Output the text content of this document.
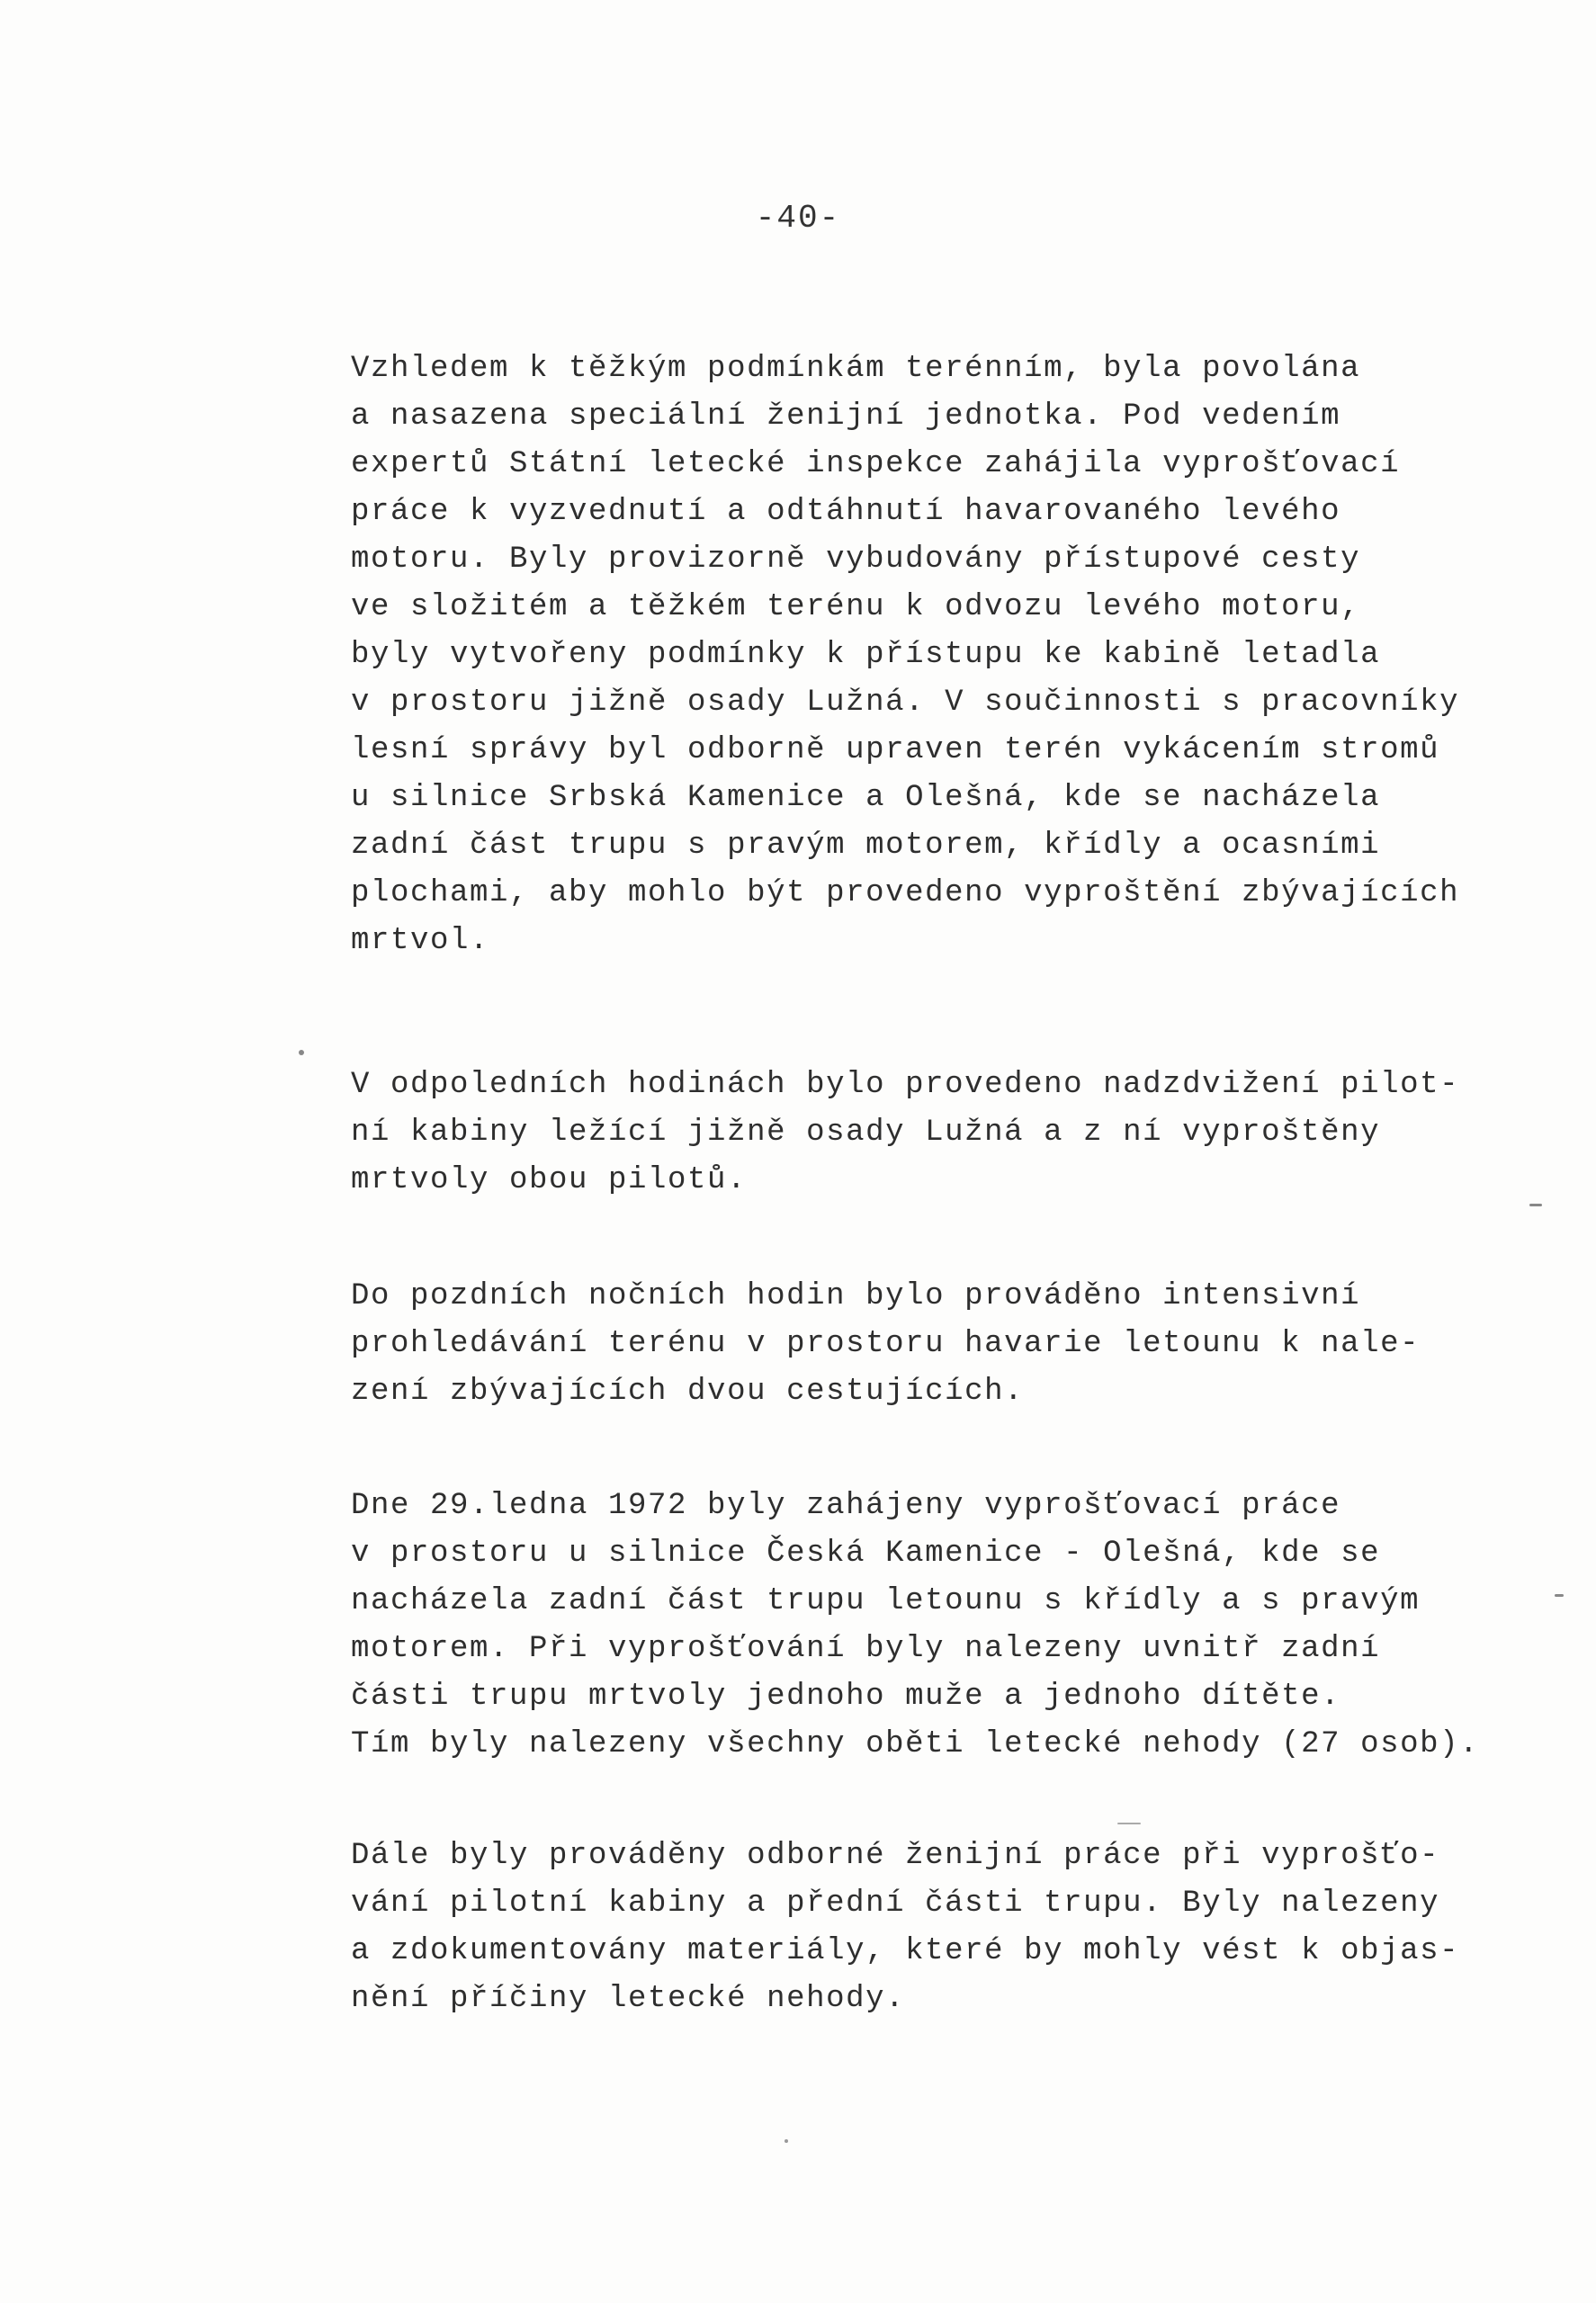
-40-
Vzhledem k těžkým podmínkám terénním, byla povolána
a nasazena speciální ženijní jednotka. Pod vedením
expertů Státní letecké inspekce zahájila vyprošťovací
práce k vyzvednutí a odtáhnutí havarovaného levého
motoru. Byly provizorně vybudovány přístupové cesty
ve složitém a těžkém terénu k odvozu levého motoru,
byly vytvořeny podmínky k přístupu ke kabině letadla
v prostoru jižně osady Lužná. V součinnosti s pracovníky
lesní správy byl odborně upraven terén vykácením stromů
u silnice Srbská Kamenice a Olešná, kde se nacházela
zadní část trupu s pravým motorem, křídly a ocasními
plochami, aby mohlo být provedeno vyproštění zbývajících
mrtvol.
V odpoledních hodinách bylo provedeno nadzdvižení pilot-
ní kabiny ležící jižně osady Lužná a z ní vyproštěny
mrtvoly obou pilotů.
Do pozdních nočních hodin bylo prováděno intensivní
prohledávání terénu v prostoru havarie letounu k nale-
zení zbývajících dvou cestujících.
Dne 29.ledna 1972 byly zahájeny vyprošťovací práce
v prostoru u silnice Česká Kamenice - Olešná, kde se
nacházela zadní část trupu letounu s křídly a s pravým
motorem. Při vyprošťování byly nalezeny uvnitř zadní
části trupu mrtvoly jednoho muže a jednoho dítěte.
Tím byly nalezeny všechny oběti letecké nehody (27 osob).
Dále byly prováděny odborné ženijní práce při vyprošťo-
vání pilotní kabiny a přední části trupu. Byly nalezeny
a zdokumentovány materiály, které by mohly vést k objas-
nění příčiny letecké nehody.
